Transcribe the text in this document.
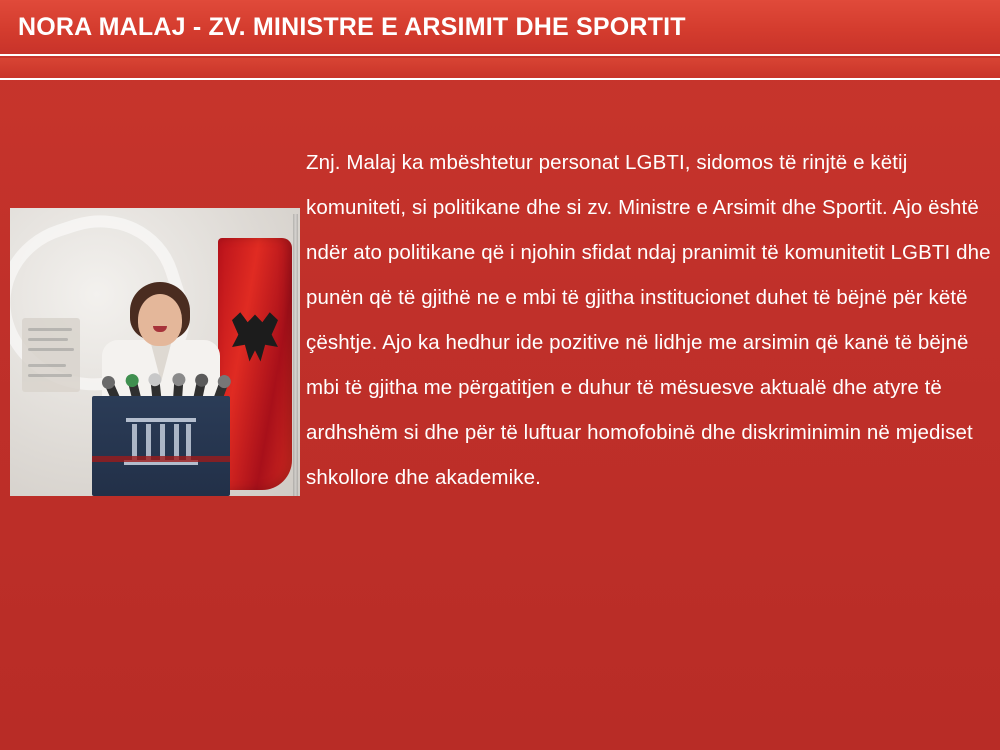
NORA MALAJ - ZV. MINISTRE E ARSIMIT DHE SPORTIT
Znj. Malaj ka mbështetur personat LGBTI, sidomos të rinjtë e këtij komuniteti, si politikane dhe si zv. Ministre e Arsimit dhe Sportit. Ajo është ndër ato politikane që i njohin sfidat ndaj pranimit të komunitetit LGBTI dhe punën që të gjithë ne e mbi të gjitha institucionet duhet të bëjnë për këtë çështje. Ajo ka hedhur ide pozitive në lidhje me arsimin që kanë të bëjnë mbi të gjitha me përgatitjen e duhur të mësuesve aktualë dhe atyre të ardhshëm si dhe për të luftuar homofobinë dhe diskriminimin në mjediset shkollore dhe akademike.
